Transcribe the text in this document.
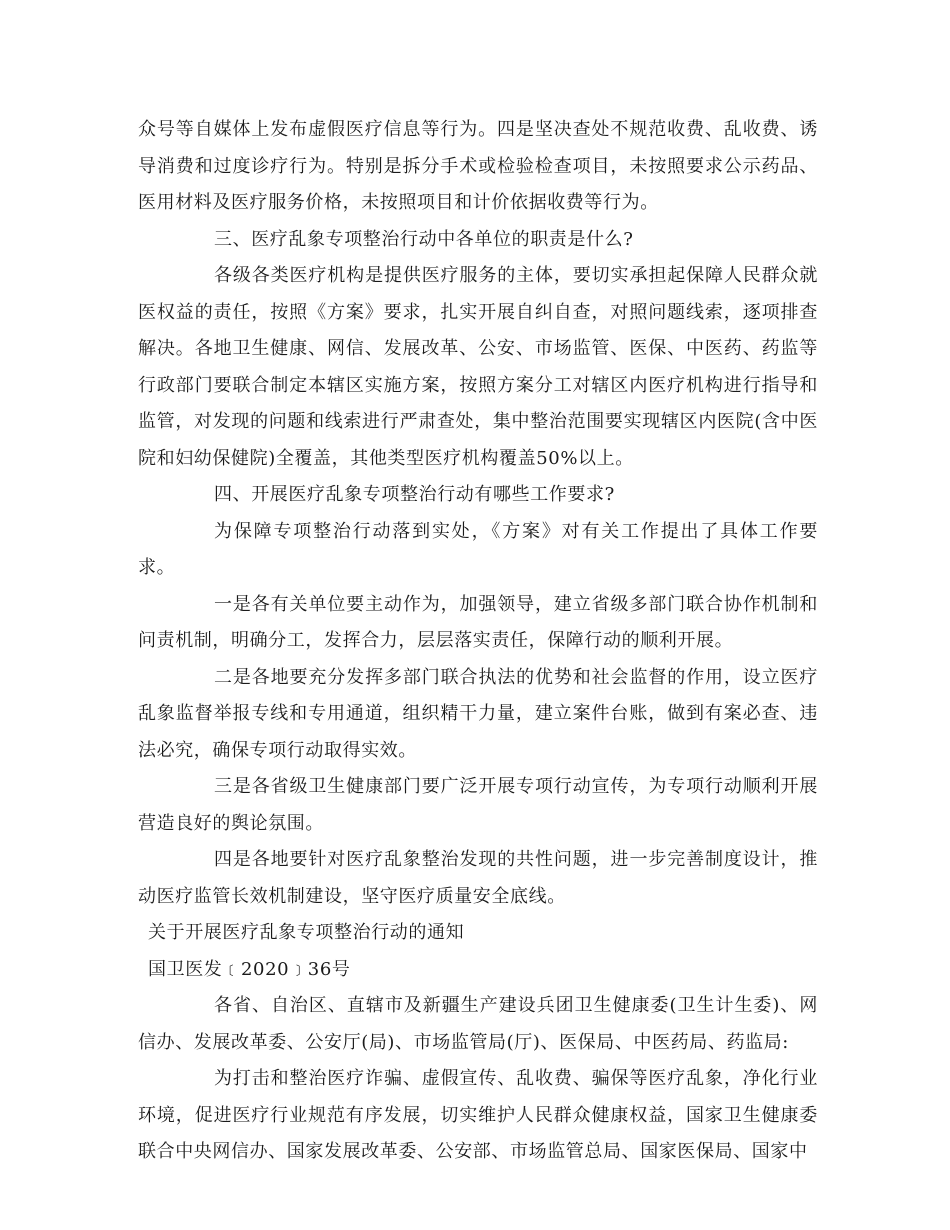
众号等自媒体上发布虚假医疗信息等行为。四是坚决查处不规范收费、乱收费、诱导消费和过度诊疗行为。特别是拆分手术或检验检查项目，未按照要求公示药品、医用材料及医疗服务价格，未按照项目和计价依据收费等行为。

三、医疗乱象专项整治行动中各单位的职责是什么?

各级各类医疗机构是提供医疗服务的主体，要切实承担起保障人民群众就医权益的责任，按照《方案》要求，扎实开展自纠自查，对照问题线索，逐项排查解决。各地卫生健康、网信、发展改革、公安、市场监管、医保、中医药、药监等行政部门要联合制定本辖区实施方案，按照方案分工对辖区内医疗机构进行指导和监管，对发现的问题和线索进行严肃查处，集中整治范围要实现辖区内医院(含中医院和妇幼保健院)全覆盖，其他类型医疗机构覆盖50%以上。

四、开展医疗乱象专项整治行动有哪些工作要求?

为保障专项整治行动落到实处，《方案》对有关工作提出了具体工作要求。

一是各有关单位要主动作为，加强领导，建立省级多部门联合协作机制和问责机制，明确分工，发挥合力，层层落实责任，保障行动的顺利开展。

二是各地要充分发挥多部门联合执法的优势和社会监督的作用，设立医疗乱象监督举报专线和专用通道，组织精干力量，建立案件台账，做到有案必查、违法必究，确保专项行动取得实效。

三是各省级卫生健康部门要广泛开展专项行动宣传，为专项行动顺利开展营造良好的舆论氛围。

四是各地要针对医疗乱象整治发现的共性问题，进一步完善制度设计，推动医疗监管长效机制建设，坚守医疗质量安全底线。

关于开展医疗乱象专项整治行动的通知

国卫医发﹝2020﹞36号

各省、自治区、直辖市及新疆生产建设兵团卫生健康委(卫生计生委)、网信办、发展改革委、公安厅(局)、市场监管局(厅)、医保局、中医药局、药监局:

为打击和整治医疗诈骗、虚假宣传、乱收费、骗保等医疗乱象，净化行业环境，促进医疗行业规范有序发展，切实维护人民群众健康权益，国家卫生健康委联合中央网信办、国家发展改革委、公安部、市场监管总局、国家医保局、国家中
